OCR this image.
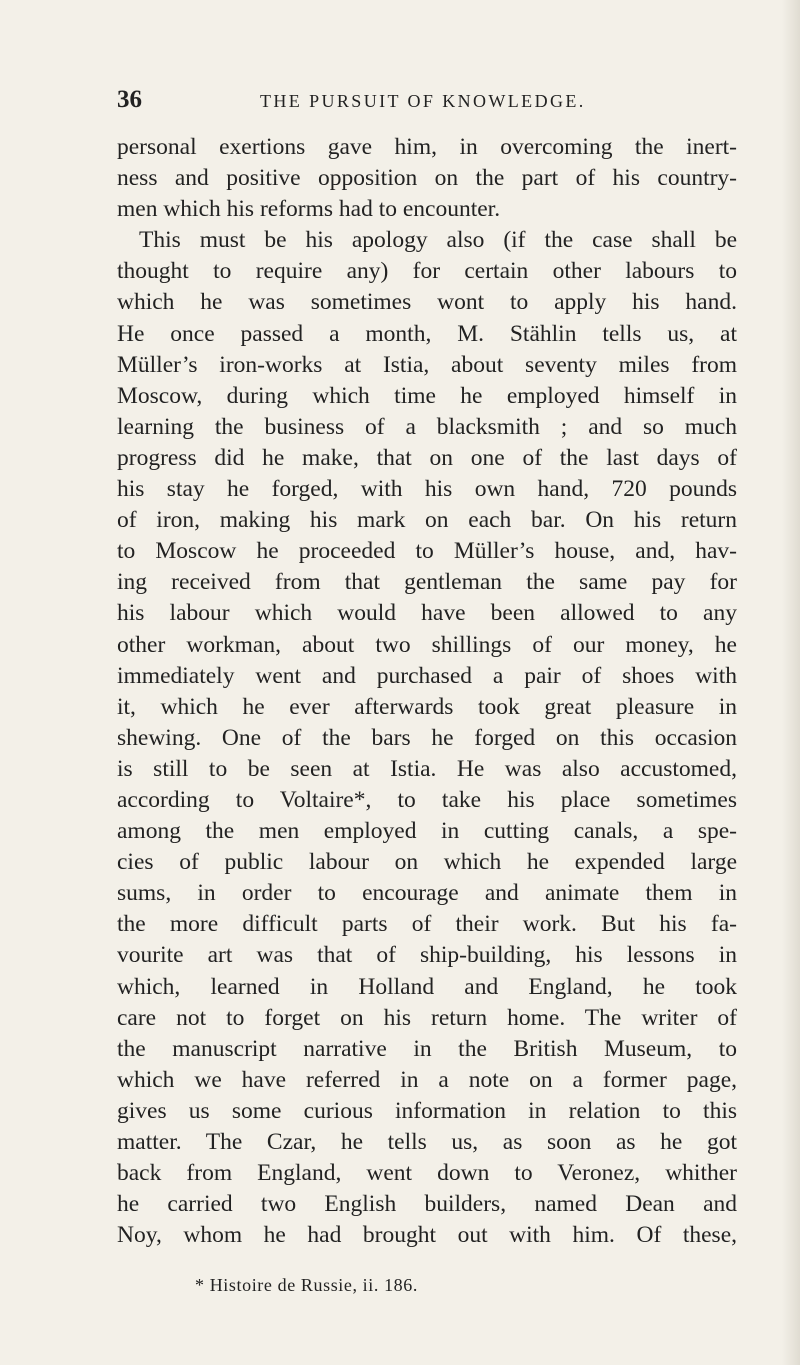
36	THE PURSUIT OF KNOWLEDGE.
personal exertions gave him, in overcoming the inert-
ness and positive opposition on the part of his country-
men which his reforms had to encounter.
This must be his apology also (if the case shall be
thought to require any) for certain other labours to
which he was sometimes wont to apply his hand.
He once passed a month, M. Stählin tells us, at
Müller’s iron-works at Istia, about seventy miles from
Moscow, during which time he employed himself in
learning the business of a blacksmith ; and so much
progress did he make, that on one of the last days of
his stay he forged, with his own hand, 720 pounds
of iron, making his mark on each bar. On his return
to Moscow he proceeded to Müller’s house, and, hav-
ing received from that gentleman the same pay for
his labour which would have been allowed to any
other workman, about two shillings of our money, he
immediately went and purchased a pair of shoes with
it, which he ever afterwards took great pleasure in
shewing. One of the bars he forged on this occasion
is still to be seen at Istia. He was also accustomed,
according to Voltaire*, to take his place sometimes
among the men employed in cutting canals, a spe-
cies of public labour on which he expended large
sums, in order to encourage and animate them in
the more difficult parts of their work. But his fa-
vourite art was that of ship-building, his lessons in
which, learned in Holland and England, he took
care not to forget on his return home. The writer of
the manuscript narrative in the British Museum, to
which we have referred in a note on a former page,
gives us some curious information in relation to this
matter. The Czar, he tells us, as soon as he got
back from England, went down to Veronez, whither
he carried two English builders, named Dean and
Noy, whom he had brought out with him. Of these,
* Histoire de Russie, ii. 186.
